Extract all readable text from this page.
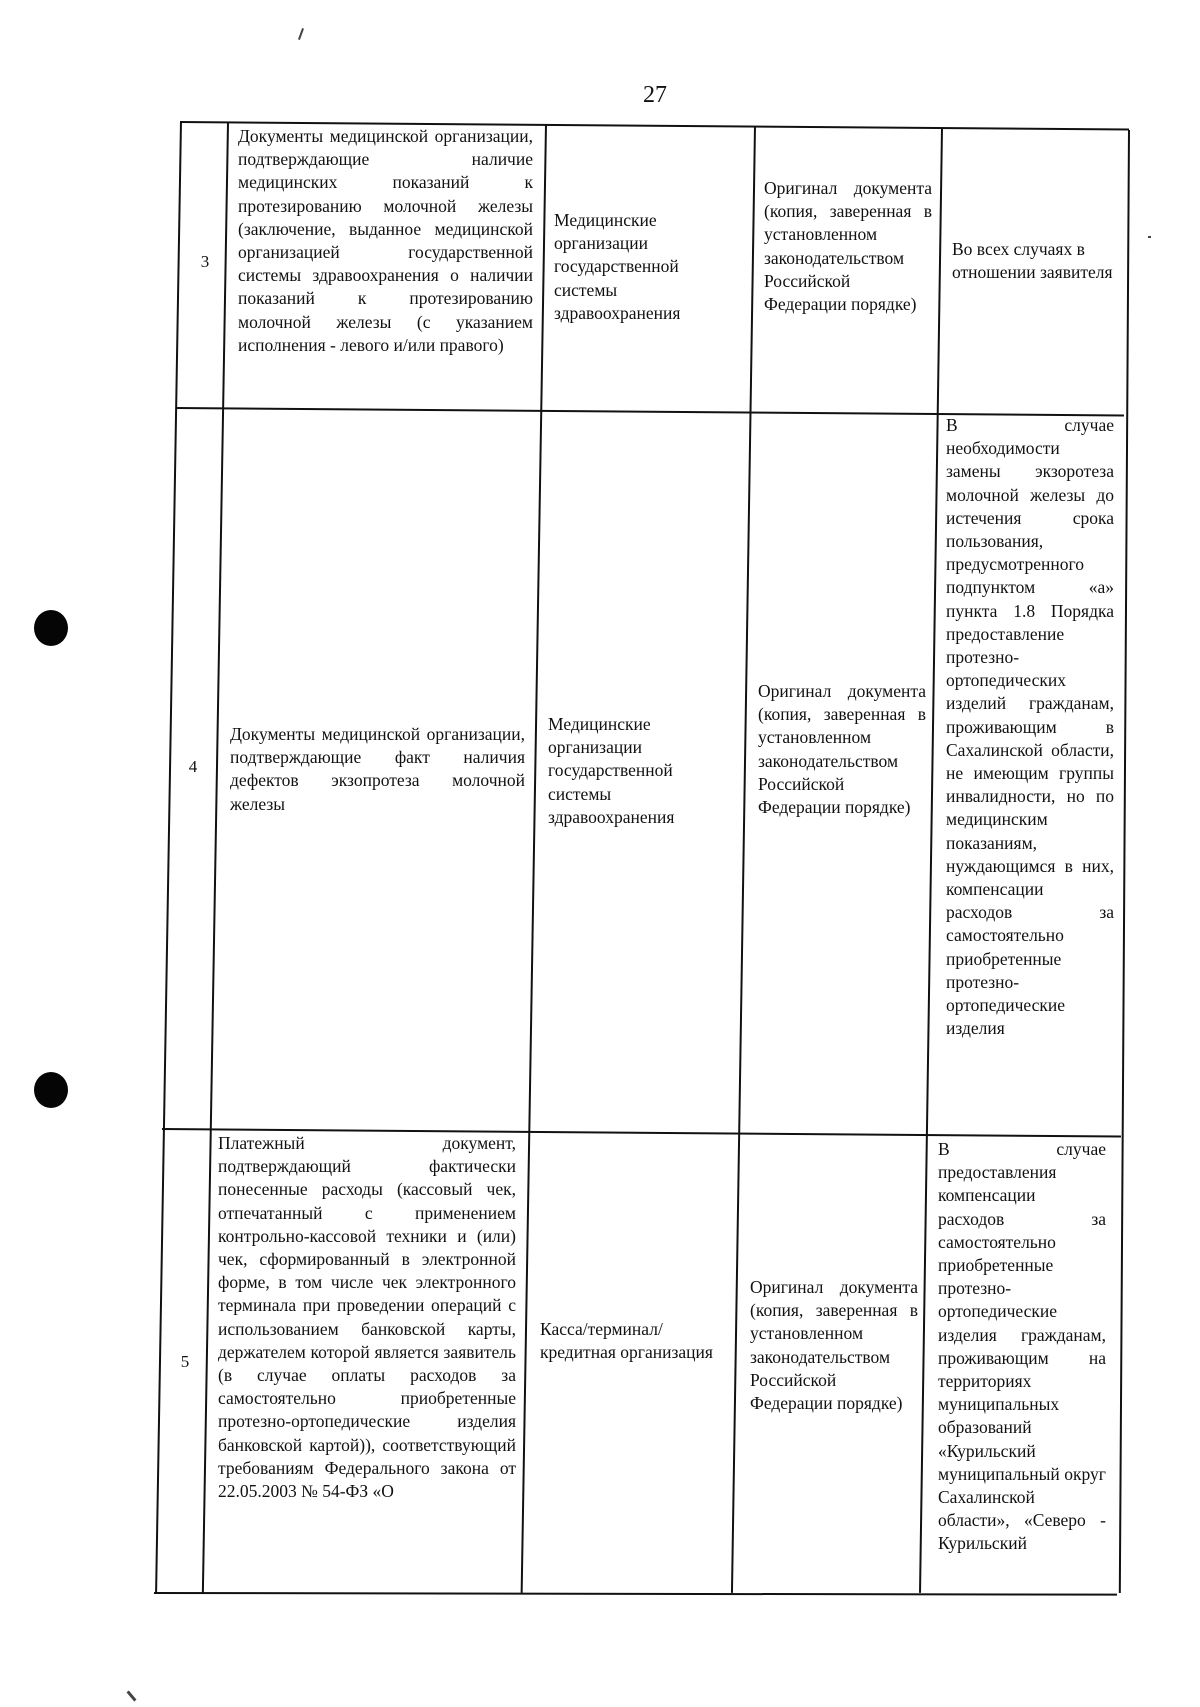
27
3
Документы медицинской организации, подтверждающие наличие медицинских показаний к протезированию молочной железы (заключение, выданное медицинской организацией государственной системы здравоохранения о наличии показаний к протезированию молочной железы (с указанием исполнения - левого и/или правого)
Медицинские организации государственной системы здравоохранения
Оригинал документа (копия, заверенная в установленном законодательством Российской Федерации порядке)
Во всех случаях в отношении заявителя
4
Документы медицинской организации, подтверждающие факт наличия дефектов экзопротеза молочной железы
Медицинские организации государственной системы здравоохранения
Оригинал документа (копия, заверенная в установленном законодательством Российской Федерации порядке)
В случае необходимости замены экзоротеза молочной железы до истечения срока пользования, предусмотренного подпунктом «а» пункта 1.8 Порядка предоставление протезно-ортопедических изделий гражданам, проживающим в Сахалинской области, не имеющим группы инвалидности, но по медицинским показаниям, нуждающимся в них, компенсации расходов за самостоятельно приобретенные протезно-ортопедические изделия
5
Платежный документ, подтверждающий фактически понесенные расходы (кассовый чек, отпечатанный с применением контрольно-кассовой техники и (или) чек, сформированный в электронной форме, в том числе чек электронного терминала при проведении операций с использованием банковской карты, держателем которой является заявитель (в случае оплаты расходов за самостоятельно приобретенные протезно-ортопедические изделия банковской картой)), соответствующий требованиям Федерального закона от 22.05.2003 № 54-ФЗ «О
Касса/терминал/ кредитная организация
Оригинал документа (копия, заверенная в установленном законодательством Российской Федерации порядке)
В случае предоставления компенсации расходов за самостоятельно приобретенные протезно-ортопедические изделия гражданам, проживающим на территориях муниципальных образований «Курильский муниципальный округ Сахалинской области», «Северо - Курильский
